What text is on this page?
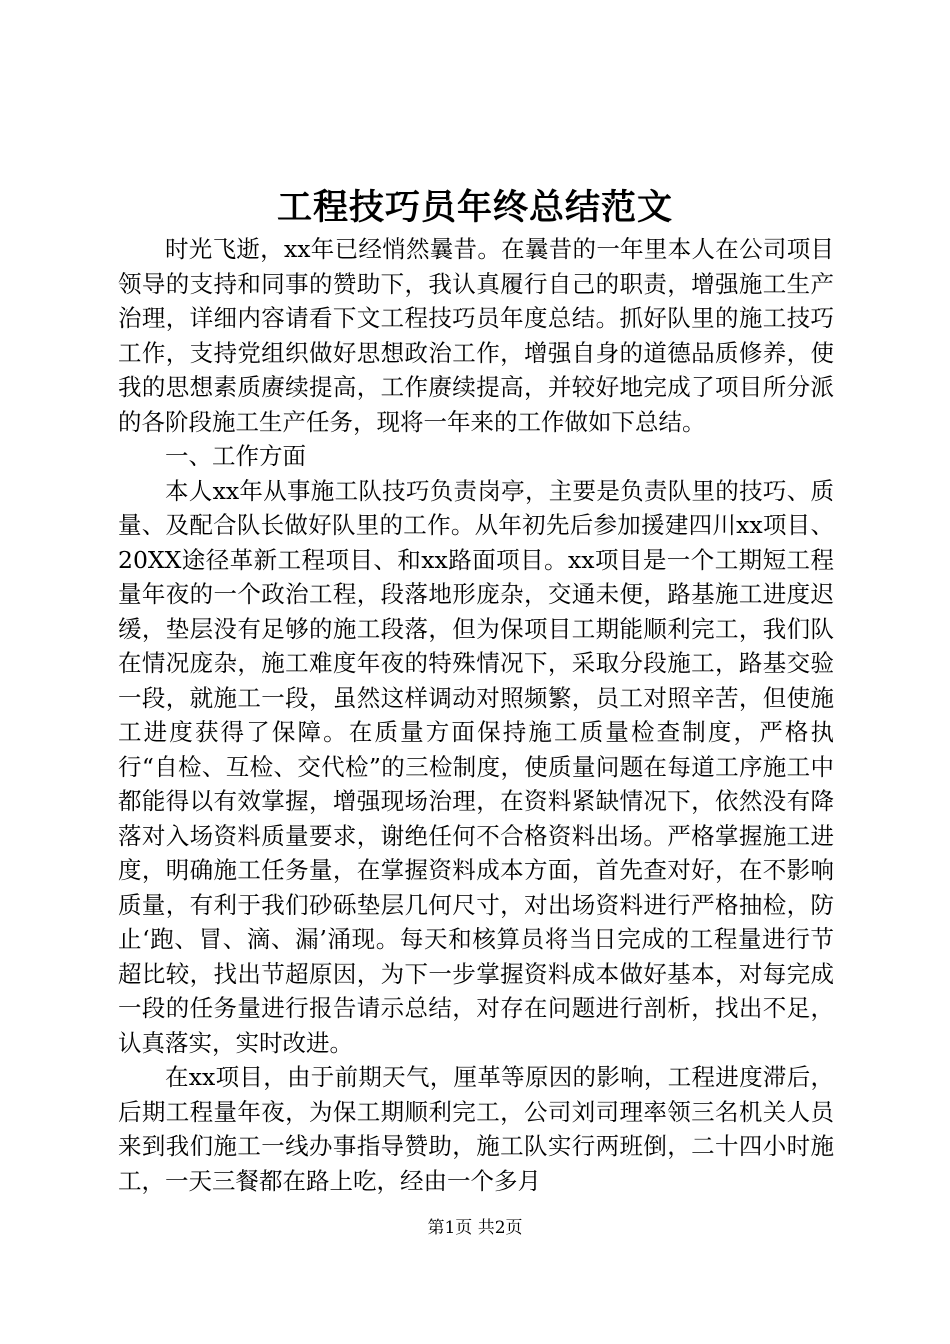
工程技巧员年终总结范文

时光飞逝，xx年已经悄然曩昔。在曩昔的一年里本人在公司项目领导的支持和同事的赞助下，我认真履行自己的职责，增强施工生产治理，详细内容请看下文工程技巧员年度总结。抓好队里的施工技巧工作，支持党组织做好思想政治工作，增强自身的道德品质修养，使我的思想素质赓续提高，工作赓续提高，并较好地完成了项目所分派的各阶段施工生产任务，现将一年来的工作做如下总结。

一、工作方面

本人xx年从事施工队技巧负责岗亭，主要是负责队里的技巧、质量、及配合队长做好队里的工作。从年初先后参加援建四川xx项目、20XX途径革新工程项目、和xx路面项目。xx项目是一个工期短工程量年夜的一个政治工程，段落地形庞杂，交通未便，路基施工进度迟缓，垫层没有足够的施工段落，但为保项目工期能顺利完工，我们队在情况庞杂，施工难度年夜的特殊情况下，采取分段施工，路基交验一段，就施工一段，虽然这样调动对照频繁，员工对照辛苦，但使施工进度获得了保障。在质量方面保持施工质量检查制度，严格执行“自检、互检、交代检”的三检制度，使质量问题在每道工序施工中都能得以有效掌握，增强现场治理，在资料紧缺情况下，依然没有降落对入场资料质量要求，谢绝任何不合格资料出场。严格掌握施工进度，明确施工任务量，在掌握资料成本方面，首先查对好，在不影响质量，有利于我们砂砾垫层几何尺寸，对出场资料进行严格抽检，防止‘跑、冒、滴、漏’涌现。每天和核算员将当日完成的工程量进行节超比较，找出节超原因，为下一步掌握资料成本做好基本，对每完成一段的任务量进行报告请示总结，对存在问题进行剖析，找出不足，认真落实，实时改进。

在xx项目，由于前期天气，厘革等原因的影响，工程进度滞后，后期工程量年夜，为保工期顺利完工，公司刘司理率领三名机关人员来到我们施工一线办事指导赞助，施工队实行两班倒，二十四小时施工，一天三餐都在路上吃，经由一个多月

第1页 共2页
